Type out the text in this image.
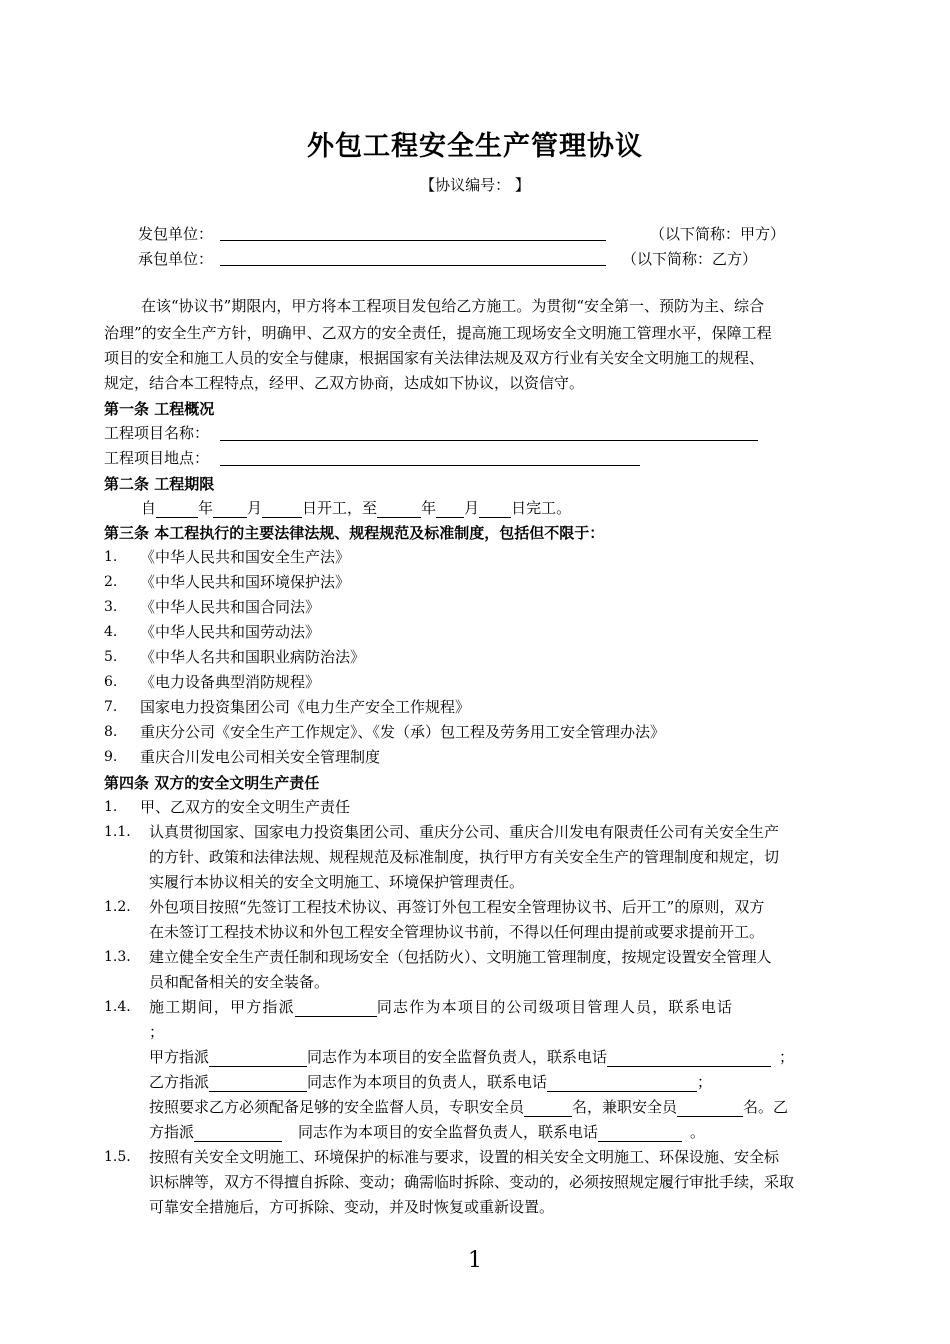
外包工程安全生产管理协议
【协议编号： 】
发包单位：	（以下简称：甲方）
承包单位：	（以下简称：乙方）
在该“协议书”期限内，甲方将本工程项目发包给乙方施工。为贯彻“安全第一、预防为主、综合
治理”的安全生产方针，明确甲、乙双方的安全责任，提高施工现场安全文明施工管理水平，保障工程
项目的安全和施工人员的安全与健康，根据国家有关法律法规及双方行业有关安全文明施工的规程、
规定，结合本工程特点，经甲、乙双方协商，达成如下协议，以资信守。
第一条 工程概况
工程项目名称：
工程项目地点：
第二条 工程期限
自	年 月	日开工，至	年 月 日完工。
第三条 本工程执行的主要法律法规、规程规范及标准制度，包括但不限于：
1. 《中华人民共和国安全生产法》
2. 《中华人民共和国环境保护法》
3. 《中华人民共和国合同法》
4. 《中华人民共和国劳动法》
5. 《中华人名共和国职业病防治法》
6. 《电力设备典型消防规程》
7. 国家电力投资集团公司《电力生产安全工作规程》
8. 重庆分公司《安全生产工作规定》、《发（承）包工程及劳务用工安全管理办法》
9. 重庆合川发电公司相关安全管理制度
第四条 双方的安全文明生产责任
1. 甲、乙双方的安全文明生产责任
1.1. 认真贯彻国家、国家电力投资集团公司、重庆分公司、重庆合川发电有限责任公司有关安全生产
的方针、政策和法律法规、规程规范及标准制度，执行甲方有关安全生产的管理制度和规定，切
实履行本协议相关的安全文明施工、环境保护管理责任。
1.2. 外包项目按照“先签订工程技术协议、再签订外包工程安全管理协议书、后开工”的原则，双方
在未签订工程技术协议和外包工程安全管理协议书前，不得以任何理由提前或要求提前开工。
1.3. 建立健全安全生产责任制和现场安全（包括防火）、文明施工管理制度，按规定设置安全管理人
员和配备相关的安全装备。
1.4. 施工期间，甲方指派	同志作为本项目的公司级项目管理人员，联系电话
；
甲方指派	同志作为本项目的安全监督负责人，联系电话	；
乙方指派	同志作为本项目的负责人，联系电话	；
按照要求乙方必须配备足够的安全监督人员，专职安全员	名，兼职安全员	名。乙
方指派	同志作为本项目的安全监督负责人，联系电话	。
1.5. 按照有关安全文明施工、环境保护的标准与要求，设置的相关安全文明施工、环保设施、安全标
识标牌等，双方不得擅自拆除、变动；确需临时拆除、变动的，必须按照规定履行审批手续，采取
可靠安全措施后，方可拆除、变动，并及时恢复或重新设置。
1
